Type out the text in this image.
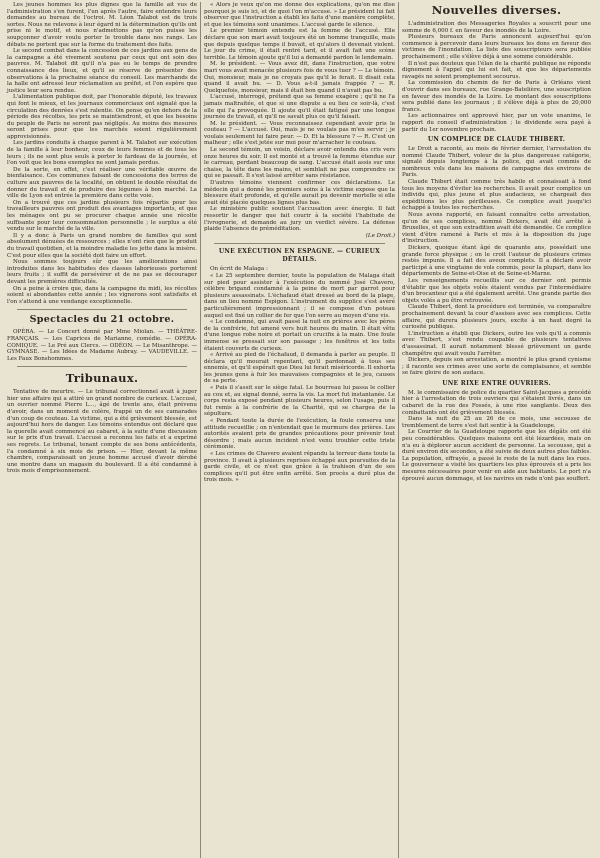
Les jeunes hommes les plus dignes que la famille ait vus de l'administration s'en furent, l'un après l'autre, faire entendre leurs demandes au bureau de l'octroi. M. Léon Talabot est de trois sortes. Nous ne relevons à leur égard ni la détermination qu'ils ont prise ni le motif, et nous n'admettons pas qu'on puisse les soupçonner d'avoir voulu porter le trouble dans nos rangs. Les débats ne portent que sur la forme du traitement des faits.

Le second combat dans la concession de ces jardins aux gens de la campagne a été vivement soutenu par ceux qui ont soin des pauvres. M. Talabot dit qu'il n'a pas eu le temps de prendre connaissance des lieux, et qu'il se réserve de présenter des observations à la prochaine séance du conseil. Les marchands de la halle ont adressé leur réclamation au préfet, et l'on espère que justice leur sera rendue.

L'alimentation publique doit, par l'honorable député, les travaux qui font le mieux, et les journaux commerciaux ont signalé que la circulation des denrées s'est ralentie. On pense qu'en dehors de la période des récoltes, les prix se maintiendront, et que les besoins du peuple de Paris ne seront pas négligés. Au moins des mesures seront prises pour que les marchés soient régulièrement approvisionnés.

Les jardins conduits à chaque parent à M. Talabot sur exécution de la famille à leur bonheur, ceux de leurs femmes et de tous les leurs ; ils ne sont plus seuls à porter le fardeau de la journée, et l'on voit que les bons exemples ne sont jamais perdus.

De la sorte, en effet, c'est réaliser une véritable œuvre de bienfaisance. Ces communes faisant de concessions des terres de culture aux pauvres de la localité, on obtient le double résultat de donner du travail et de produire des légumes à bon marché. La ville de Lyon est entrée la première dans cette voie.

On a trouvé que ces jardins plusieurs fois répartis pour les travailleurs pauvres ont produit des avantages importants, et que les ménages ont pu se procurer chaque année une récolte suffisante pour leur consommation personnelle ; le surplus a été vendu sur le marché de la ville.

Il y a donc à Paris un grand nombre de familles qui sont absolument dénuées de ressources ; elles n'ont rien que le produit du travail quotidien, et la moindre maladie les jette dans la misère. C'est pour elles que la société doit faire un effort.

Nous sommes toujours sûr que les améliorations ainsi introduites dans les habitudes des classes laborieuses porteront leurs fruits ; il suffit de persévérer et de ne pas se décourager devant les premières difficultés.

On a peine à croire que, dans la campagne du midi, les récoltes soient si abondantes cette année ; les vignerons sont satisfaits et l'on s'attend à une vendange exceptionnelle.

Spectacles du 21 octobre.

OPÉRA. — Le Concert donné par Mme Miolan. — THÉÂTRE-FRANÇAIS. — Les Caprices de Marianne, comédie. — OPÉRA-COMIQUE. — Le Pré aux Clercs. — ODÉON. — Le Misanthrope. — GYMNASE. — Les Idées de Madame Aubray. — VAUDEVILLE. — Les Faux Bonshommes.

Tribunaux.

Tentative de meurtre. — Le tribunal correctionnel avait à juger hier une affaire qui a attiré un grand nombre de curieux. L'accusé, un ouvrier nommé Pierre L..., âgé de trente ans, était prévenu d'avoir, dans un moment de colère, frappé un de ses camarades d'un coup de couteau. La victime, qui a été grièvement blessée, est aujourd'hui hors de danger. Les témoins entendus ont déclaré que la querelle avait commencé au cabaret, à la suite d'une discussion sur le prix d'un travail. L'accusé a reconnu les faits et a exprimé ses regrets. Le tribunal, tenant compte de ses bons antécédents, l'a condamné à six mois de prison. — Hier, devant la même chambre, comparaissait un jeune homme accusé d'avoir dérobé une montre dans un magasin du boulevard. Il a été condamné à trois mois d'emprisonnement.

« Alors je veux qu'on me donne des explications, qu'on me dise pourquoi je suis ici, et de quoi l'on m'accuse. » Le président lui fait observer que l'instruction a établi les faits d'une manière complète, et que les témoins sont unanimes. L'accusé garde le silence.

Le premier témoin entendu est la femme de l'accusé. Elle déclare que son mari avait toujours été un homme tranquille, mais que depuis quelque temps il buvait, et qu'alors il devenait violent. Le jour du crime, il était rentré tard, et il avait fait une scène terrible. Le témoin ajoute qu'il lui a demandé pardon le lendemain.

M. le président. — Vous avez dit, dans l'instruction, que votre mari vous avait menacée plusieurs fois de vous tuer ? — Le témoin. Oui, monsieur, mais je ne croyais pas qu'il le ferait. Il disait cela quand il avait bu. — D. Vous a-t-il jamais frappée ? — R. Quelquefois, monsieur, mais il était bon quand il n'avait pas bu.

L'accusé, interrogé, prétend que sa femme exagère ; qu'il ne l'a jamais maltraitée, et que si une dispute a eu lieu ce soir-là, c'est elle qui l'a provoquée. Il ajoute qu'il était fatigué par une longue journée de travail, et qu'il ne savait plus ce qu'il faisait.

M. le président. — Vous reconnaissez cependant avoir pris le couteau ? — L'accusé. Oui, mais je ne voulais pas m'en servir ; je voulais seulement lui faire peur. — D. Et la blessure ? — R. C'est un malheur ; elle s'est jetée sur moi pour m'arracher le couteau.

Le second témoin, un voisin, déclare avoir entendu des cris vers onze heures du soir. Il est monté et a trouvé la femme étendue sur le carreau, perdant beaucoup de sang. L'accusé était assis sur une chaise, la tête dans les mains, et semblait ne pas comprendre ce qui se passait. Il s'est laissé arrêter sans résistance.

D'autres témoins viennent confirmer ces déclarations. Le médecin qui a donné les premiers soins à la victime expose que la blessure était profonde, et qu'elle aurait pu devenir mortelle si elle avait été placée quelques lignes plus bas.

Le ministère public soutient l'accusation avec énergie. Il fait ressortir le danger que fait courir à la société l'habitude de l'ivrognerie, et demande au jury un verdict sévère. La défense plaide l'absence de préméditation.

(Le Droit.)

UNE EXÉCUTION EN ESPAGNE. — CURIEUX DÉTAILS.

On écrit de Malaga :

« Le 25 septembre dernier, toute la population de Malaga était sur pied pour assister à l'exécution du nommé José Chavero, célèbre brigand condamné à la peine de mort par garrot pour plusieurs assassinats. L'échafaud était dressé au bord de la plage, dans un lieu nommé Espigon. L'instrument du supplice s'est avéré particulièrement impressionnant ; il se compose d'un poteau auquel est fixé un collier de fer que l'on serre au moyen d'une vis.

« Le condamné, qui avait passé la nuit en prières avec les pères de la confrérie, fut amené vers huit heures du matin. Il était vêtu d'une longue robe noire et portait un crucifix à la main. Une foule immense se pressait sur son passage ; les fenêtres et les toits étaient couverts de curieux.

« Arrivé au pied de l'échafaud, il demanda à parler au peuple. Il déclara qu'il mourait repentant, qu'il pardonnait à tous ses ennemis, et qu'il espérait que Dieu lui ferait miséricorde. Il exhorta les jeunes gens à fuir les mauvaises compagnies et le jeu, causes de sa perte.

« Puis il s'assit sur le siège fatal. Le bourreau lui passa le collier au cou et, au signal donné, serra la vis. La mort fut instantanée. Le corps resta exposé pendant plusieurs heures, selon l'usage, puis il fut remis à la confrérie de la Charité, qui se chargea de la sépulture.

« Pendant toute la durée de l'exécution, la foule conserva une attitude recueillie ; on n'entendait que le murmure des prières. Les autorités avaient pris de grandes précautions pour prévenir tout désordre ; mais aucun incident n'est venu troubler cette triste cérémonie.

« Les crimes de Chavero avaient répandu la terreur dans toute la province. Il avait à plusieurs reprises échappé aux poursuites de la garde civile, et ce n'est que grâce à la trahison d'un de ses complices qu'il put être enfin arrêté. Son procès a duré plus de trois mois. »

Nouvelles diverses.

L'administration des Messageries Royales a souscrit pour une somme de 6,000 f. en faveur des inondés de la Loire.

Plusieurs bureaux de Paris annoncent aujourd'hui qu'on commence à percevoir dans leurs bureaux les dons en faveur des victimes de l'inondation. La liste des souscripteurs sera publiée prochainement ; elle s'élève déjà à une somme considérable.

Il n'est pas douteux que l'élan de la charité publique ne réponde dignement à l'appel qui lui est fait, et que les départements ravagés ne soient promptement secourus.

La commission du chemin de fer de Paris à Orléans vient d'ouvrir dans ses bureaux, rue Grange-Batelière, une souscription en faveur des inondés de la Loire. Le montant des souscriptions sera publié dans les journaux ; il s'élève déjà à plus de 20,000 francs.

Les actionnaires ont approuvé hier, par un vote unanime, le rapport du conseil d'administration ; le dividende sera payé à partir du 1er novembre prochain.

UN COMPLICE DE CLAUDE THIBERT.

Le Droit a raconté, au mois de février dernier, l'arrestation du nommé Claude Thibert, voleur de la plus dangereuse catégorie, signalé depuis longtemps à la police, qui avait commis de nombreux vols dans les maisons de campagne des environs de Paris.

Claude Thibert était comme très habile et connaissait à fond tous les moyens d'éviter les recherches. Il avait pour complice un individu qui, plus jeune et plus audacieux, se chargeait des expéditions les plus périlleuses. Ce complice avait jusqu'ici échappé à toutes les recherches.

Nous avons rapporté, en faisant connaître cette arrestation, qu'un de ses complices, nommé Dickers, avait été arrêté à Bruxelles, et que son extradition avait été demandée. Ce complice vient d'être ramené à Paris et mis à la disposition du juge d'instruction.

Dickers, quoique étant âgé de quarante ans, possédait une grande force physique ; on le croit l'auteur de plusieurs crimes restés impunis. Il a fait des aveux complets. Il a déclaré avoir participé à une vingtaine de vols commis, pour la plupart, dans les départements de Seine-et-Oise et de Seine-et-Marne.

Les renseignements recueillis sur ce dernier ont permis d'établir que les objets volés étaient vendus par l'intermédiaire d'un brocanteur qui a été également arrêté. Une grande partie des objets volés a pu être retrouvée.

Claude Thibert, dont la procédure est terminée, va comparaître prochainement devant la cour d'assises avec ses complices. Cette affaire, qui durera plusieurs jours, excite à un haut degré la curiosité publique.

L'instruction a établi que Dickers, outre les vols qu'il a commis avec Thibert, s'est rendu coupable de plusieurs tentatives d'assassinat. Il aurait notamment blessé grièvement un garde champêtre qui avait voulu l'arrêter.

Dickers, depuis son arrestation, a montré le plus grand cynisme ; il raconte ses crimes avec une sorte de complaisance, et semble se faire gloire de son audace.

UNE RIXE ENTRE OUVRIERS.

M. le commissaire de police du quartier Saint-Jacques a procédé hier à l'arrestation de trois ouvriers qui s'étaient livrés, dans un cabaret de la rue des Fossés, à une rixe sanglante. Deux des combattants ont été grièvement blessés.

Dans la nuit du 25 au 26 de ce mois, une secousse de tremblement de terre s'est fait sentir à la Guadeloupe.

Le Courrier de la Guadeloupe rapporte que les dégâts ont été peu considérables. Quelques maisons ont été lézardées, mais on n'a eu à déplorer aucun accident de personne. La secousse, qui a duré environ dix secondes, a été suivie de deux autres plus faibles. La population, effrayée, a passé le reste de la nuit dans les rues. Le gouverneur a visité les quartiers les plus éprouvés et a pris les mesures nécessaires pour venir en aide aux habitants. Le port n'a éprouvé aucun dommage, et les navires en rade n'ont pas souffert.
